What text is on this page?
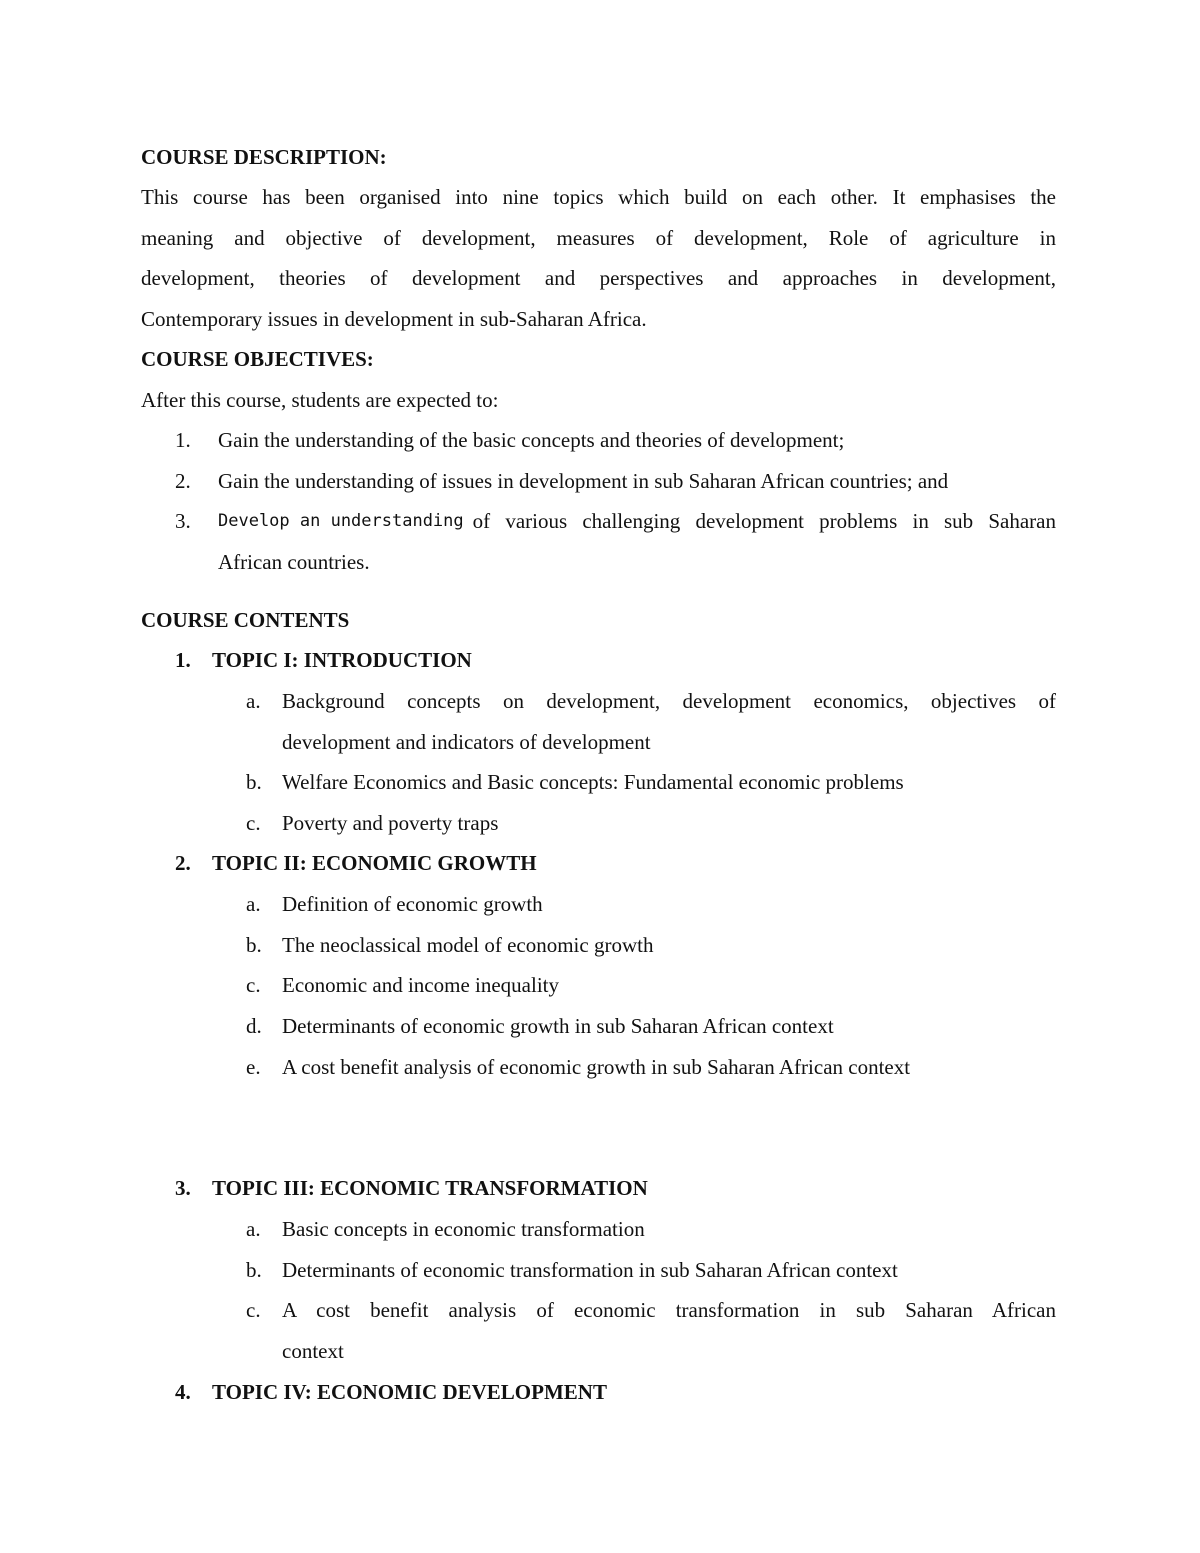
COURSE DESCRIPTION:
This course has been organised into nine topics which build on each other. It emphasises the
meaning and objective of development, measures of development, Role of agriculture in
development, theories of development and perspectives and approaches in development,
Contemporary issues in development in sub-Saharan Africa.
COURSE OBJECTIVES:
After this course, students are expected to:
1. Gain the understanding of the basic concepts and theories of development;
2. Gain the understanding of issues in development in sub Saharan African countries; and
3. Develop an understanding of various challenging development problems in sub Saharan
African countries.
COURSE CONTENTS
1. TOPIC I: INTRODUCTION
a. Background concepts on development, development economics, objectives of
development and indicators of development
b. Welfare Economics and Basic concepts: Fundamental economic problems
c. Poverty and poverty traps
2. TOPIC II: ECONOMIC GROWTH
a. Definition of economic growth
b. The neoclassical model of economic growth
c. Economic and income inequality
d. Determinants of economic growth in sub Saharan African context
e. A cost benefit analysis of economic growth in sub Saharan African context
3. TOPIC III: ECONOMIC TRANSFORMATION
a. Basic concepts in economic transformation
b. Determinants of economic transformation in sub Saharan African context
c. A cost benefit analysis of economic transformation in sub Saharan African
context
4. TOPIC IV: ECONOMIC DEVELOPMENT
